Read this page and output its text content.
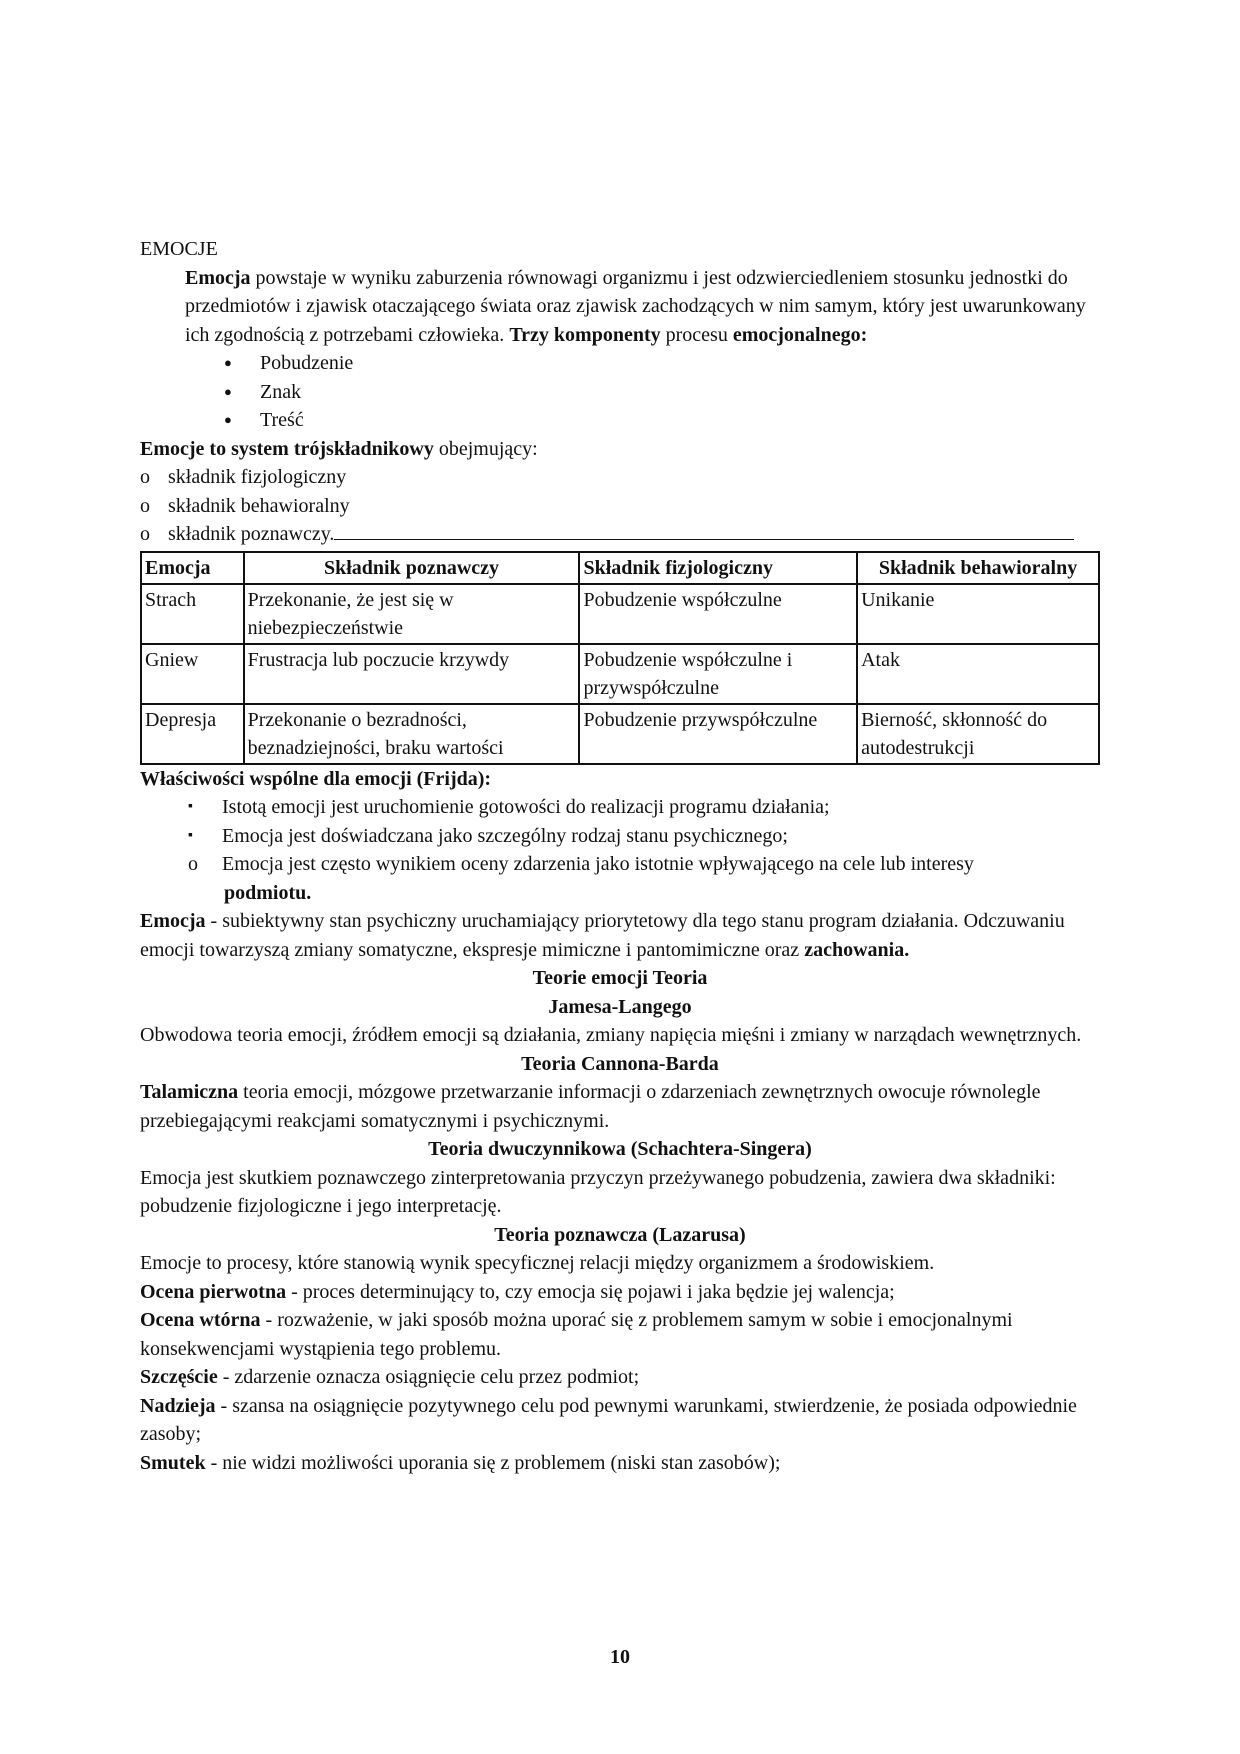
EMOCJE

Emocja powstaje w wyniku zaburzenia równowagi organizmu i jest odzwierciedleniem stosunku jednostki do przedmiotów i zjawisk otaczającego świata oraz zjawisk zachodzących w nim samym, który jest uwarunkowany ich zgodnością z potrzebami człowieka. Trzy komponenty procesu emocjonalnego:

● Pobudzenie
● Znak
● Treść

Emocje to system trójskładnikowy obejmujący:

o składnik fizjologiczny
o składnik behawioralny
o składnik poznawczy.
Emocja	Składnik poznawczy	Składnik fizjologiczny	Składnik behawioralny
Strach	Przekonanie, że jest się w niebezpieczeństwie	Pobudzenie współczulne	Unikanie
Gniew	Frustracja lub poczucie krzywdy	Pobudzenie współczulne i przywspółczulne	Atak
Depresja	Przekonanie o bezradności, beznadziejności, braku wartości	Pobudzenie przywspółczulne	Bierność, skłonność do autodestrukcji

Właściwości wspólne dla emocji (Frijda):

▪ Istotą emocji jest uruchomienie gotowości do realizacji programu działania;
▪ Emocja jest doświadczana jako szczególny rodzaj stanu psychicznego;
o Emocja jest często wynikiem oceny zdarzenia jako istotnie wpływającego na cele lub interesy

podmiotu.

Emocja - subiektywny stan psychiczny uruchamiający priorytetowy dla tego stanu program działania. Odczuwaniu emocji towarzyszą zmiany somatyczne, ekspresje mimiczne i pantomimiczne oraz zachowania.

Teorie emocji Teoria

Jamesa-Langego

Obwodowa teoria emocji, źródłem emocji są działania, zmiany napięcia mięśni i zmiany w narządach wewnętrznych.

Teoria Cannona-Barda

Talamiczna teoria emocji, mózgowe przetwarzanie informacji o zdarzeniach zewnętrznych owocuje równolegle przebiegającymi reakcjami somatycznymi i psychicznymi.

Teoria dwuczynnikowa (Schachtera-Singera)

Emocja jest skutkiem poznawczego zinterpretowania przyczyn przeżywanego pobudzenia, zawiera dwa składniki: pobudzenie fizjologiczne i jego interpretację.

Teoria poznawcza (Lazarusa)

Emocje to procesy, które stanowią wynik specyficznej relacji między organizmem a środowiskiem.

Ocena pierwotna - proces determinujący to, czy emocja się pojawi i jaka będzie jej walencja;

Ocena wtórna - rozważenie, w jaki sposób można uporać się z problemem samym w sobie i emocjonalnymi konsekwencjami wystąpienia tego problemu.

Szczęście - zdarzenie oznacza osiągnięcie celu przez podmiot;

Nadzieja - szansa na osiągnięcie pozytywnego celu pod pewnymi warunkami, stwierdzenie, że posiada odpowiednie zasoby;

Smutek - nie widzi możliwości uporania się z problemem (niski stan zasobów);

10
